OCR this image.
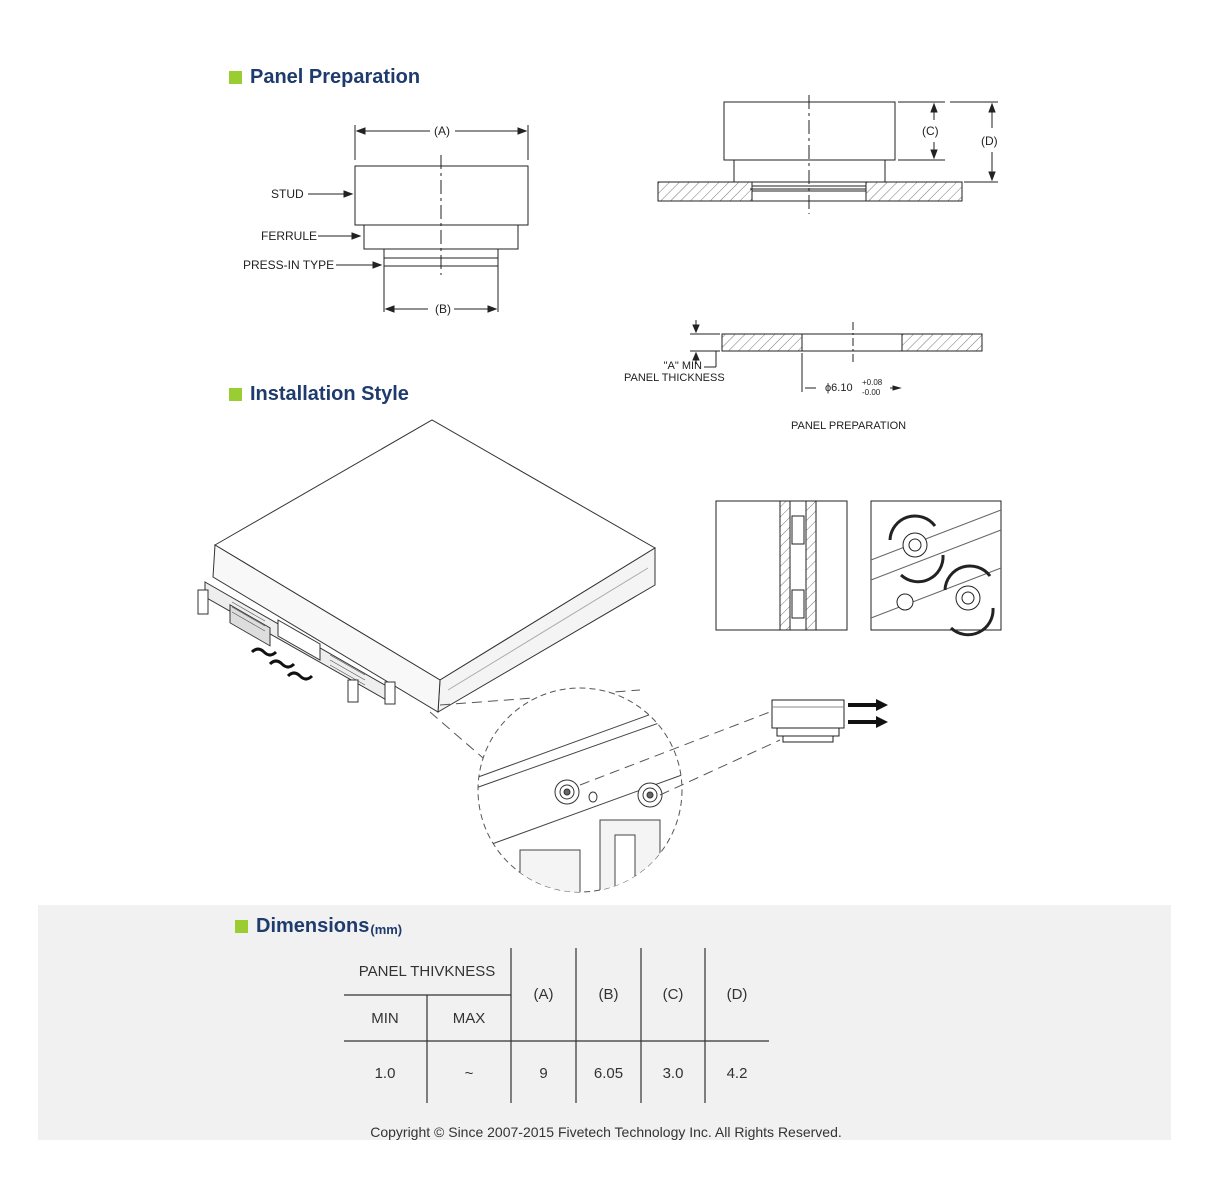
Panel Preparation
(A)
(B)
STUD
FERRULE
PRESS-IN TYPE
(C)
(D)
"A" MIN
PANEL THICKNESS
ϕ6.10 +0.08
-0.00
PANEL PREPARATION
Installation Style
Dimensions (mm)
PANEL THIVKNESS		(A)	(B)	(C)	(D)
MIN	MAX				
1.0	~	9	6.05	3.0	4.2
Copyright © Since 2007-2015 Fivetech Technology Inc. All Rights Reserved.
